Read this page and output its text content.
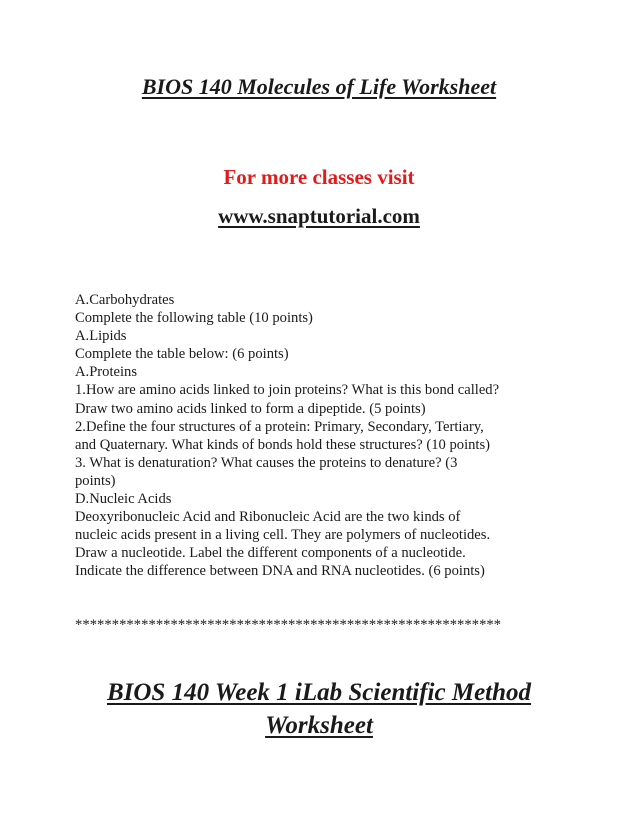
BIOS 140 Molecules of Life Worksheet

For more classes visit

www.snaptutorial.com

A.Carbohydrates
Complete the following table (10 points)
A.Lipids
Complete the table below: (6 points)
A.Proteins
1.How are amino acids linked to join proteins? What is this bond called?
Draw two amino acids linked to form a dipeptide. (5 points)
2.Define the four structures of a protein: Primary, Secondary, Tertiary,
and Quaternary. What kinds of bonds hold these structures? (10 points)
3. What is denaturation? What causes the proteins to denature? (3
points)
D.Nucleic Acids
Deoxyribonucleic Acid and Ribonucleic Acid are the two kinds of
nucleic acids present in a living cell. They are polymers of nucleotides.
Draw a nucleotide. Label the different components of a nucleotide.
Indicate the difference between DNA and RNA nucleotides. (6 points)
**********************************************************
BIOS 140 Week 1 iLab Scientific Method
Worksheet
